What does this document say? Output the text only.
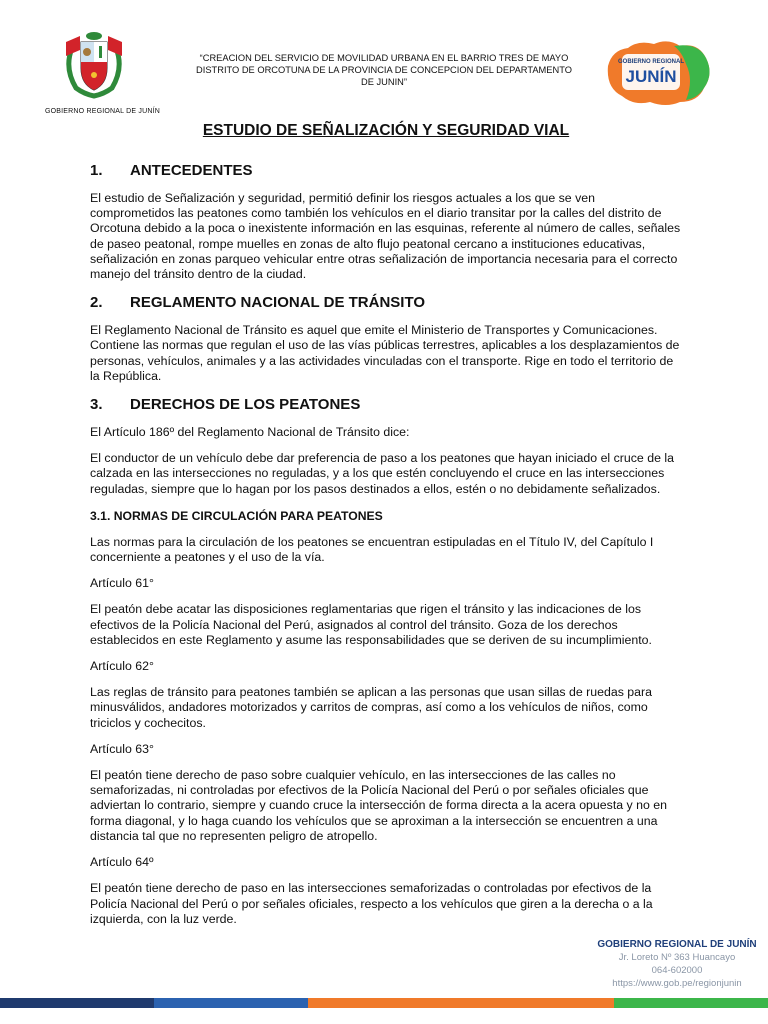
GOBIERNO REGIONAL DE JUNÍN
“CREACION DEL SERVICIO DE MOVILIDAD URBANA EN EL BARRIO TRES DE MAYO
DISTRITO DE ORCOTUNA DE LA PROVINCIA DE CONCEPCION DEL DEPARTAMENTO
DE JUNIN”
GOBIERNO REGIONAL
JUNÍN
ESTUDIO DE SEÑALIZACIÓN Y SEGURIDAD VIAL
1.	ANTECEDENTES

El estudio de Señalización y seguridad, permitió definir los riesgos actuales a los que se ven comprometidos las peatones como también los vehículos en el diario transitar por la calles del distrito de Orcotuna debido a la poca o inexistente información en las esquinas, referente al número de calles, señales de paseo peatonal, rompe muelles en zonas de alto flujo peatonal cercano a instituciones educativas, señalización en zonas parqueo vehicular entre otras señalización de importancia necesaria para el correcto manejo del tránsito dentro de la ciudad.

2.	REGLAMENTO NACIONAL DE TRÁNSITO

El Reglamento Nacional de Tránsito es aquel que emite el Ministerio de Transportes y Comunicaciones. Contiene las normas que regulan el uso de las vías públicas terrestres, aplicables a los desplazamientos de personas, vehículos, animales y a las actividades vinculadas con el transporte. Rige en todo el territorio de la República.

3.	DERECHOS DE LOS PEATONES

El Artículo 186º del Reglamento Nacional de Tránsito dice:

El conductor de un vehículo debe dar preferencia de paso a los peatones que hayan iniciado el cruce de la calzada en las intersecciones no reguladas, y a los que estén concluyendo el cruce en las intersecciones reguladas, siempre que lo hagan por los pasos destinados a ellos, estén o no debidamente señalizados.

3.1. NORMAS DE CIRCULACIÓN PARA PEATONES

Las normas para la circulación de los peatones se encuentran estipuladas en el Título IV, del Capítulo I concerniente a peatones y el uso de la vía.

Artículo 61°

El peatón debe acatar las disposiciones reglamentarias que rigen el tránsito y las indicaciones de los efectivos de la Policía Nacional del Perú, asignados al control del tránsito. Goza de los derechos establecidos en este Reglamento y asume las responsabilidades que se deriven de su incumplimiento.

Artículo 62°

Las reglas de tránsito para peatones también se aplican a las personas que usan sillas de ruedas para minusválidos, andadores motorizados y carritos de compras, así como a los vehículos de niños, como triciclos y cochecitos.

Artículo 63°

El peatón tiene derecho de paso sobre cualquier vehículo, en las intersecciones de las calles no semaforizadas, ni controladas por efectivos de la Policía Nacional del Perú o por señales oficiales que adviertan lo contrario, siempre y cuando cruce la intersección de forma directa a la acera opuesta y no en forma diagonal, y lo haga cuando los vehículos que se aproximan a la intersección se encuentren a una distancia tal que no representen peligro de atropello.

Artículo 64º

El peatón tiene derecho de paso en las intersecciones semaforizadas o controladas por efectivos de la Policía Nacional del Perú o por señales oficiales, respecto a los vehículos que giren a la derecha o a la izquierda, con la luz verde.

GOBIERNO REGIONAL DE JUNÍN
Jr. Loreto Nº 363 Huancayo
064-602000
https://www.gob.pe/regionjunin
